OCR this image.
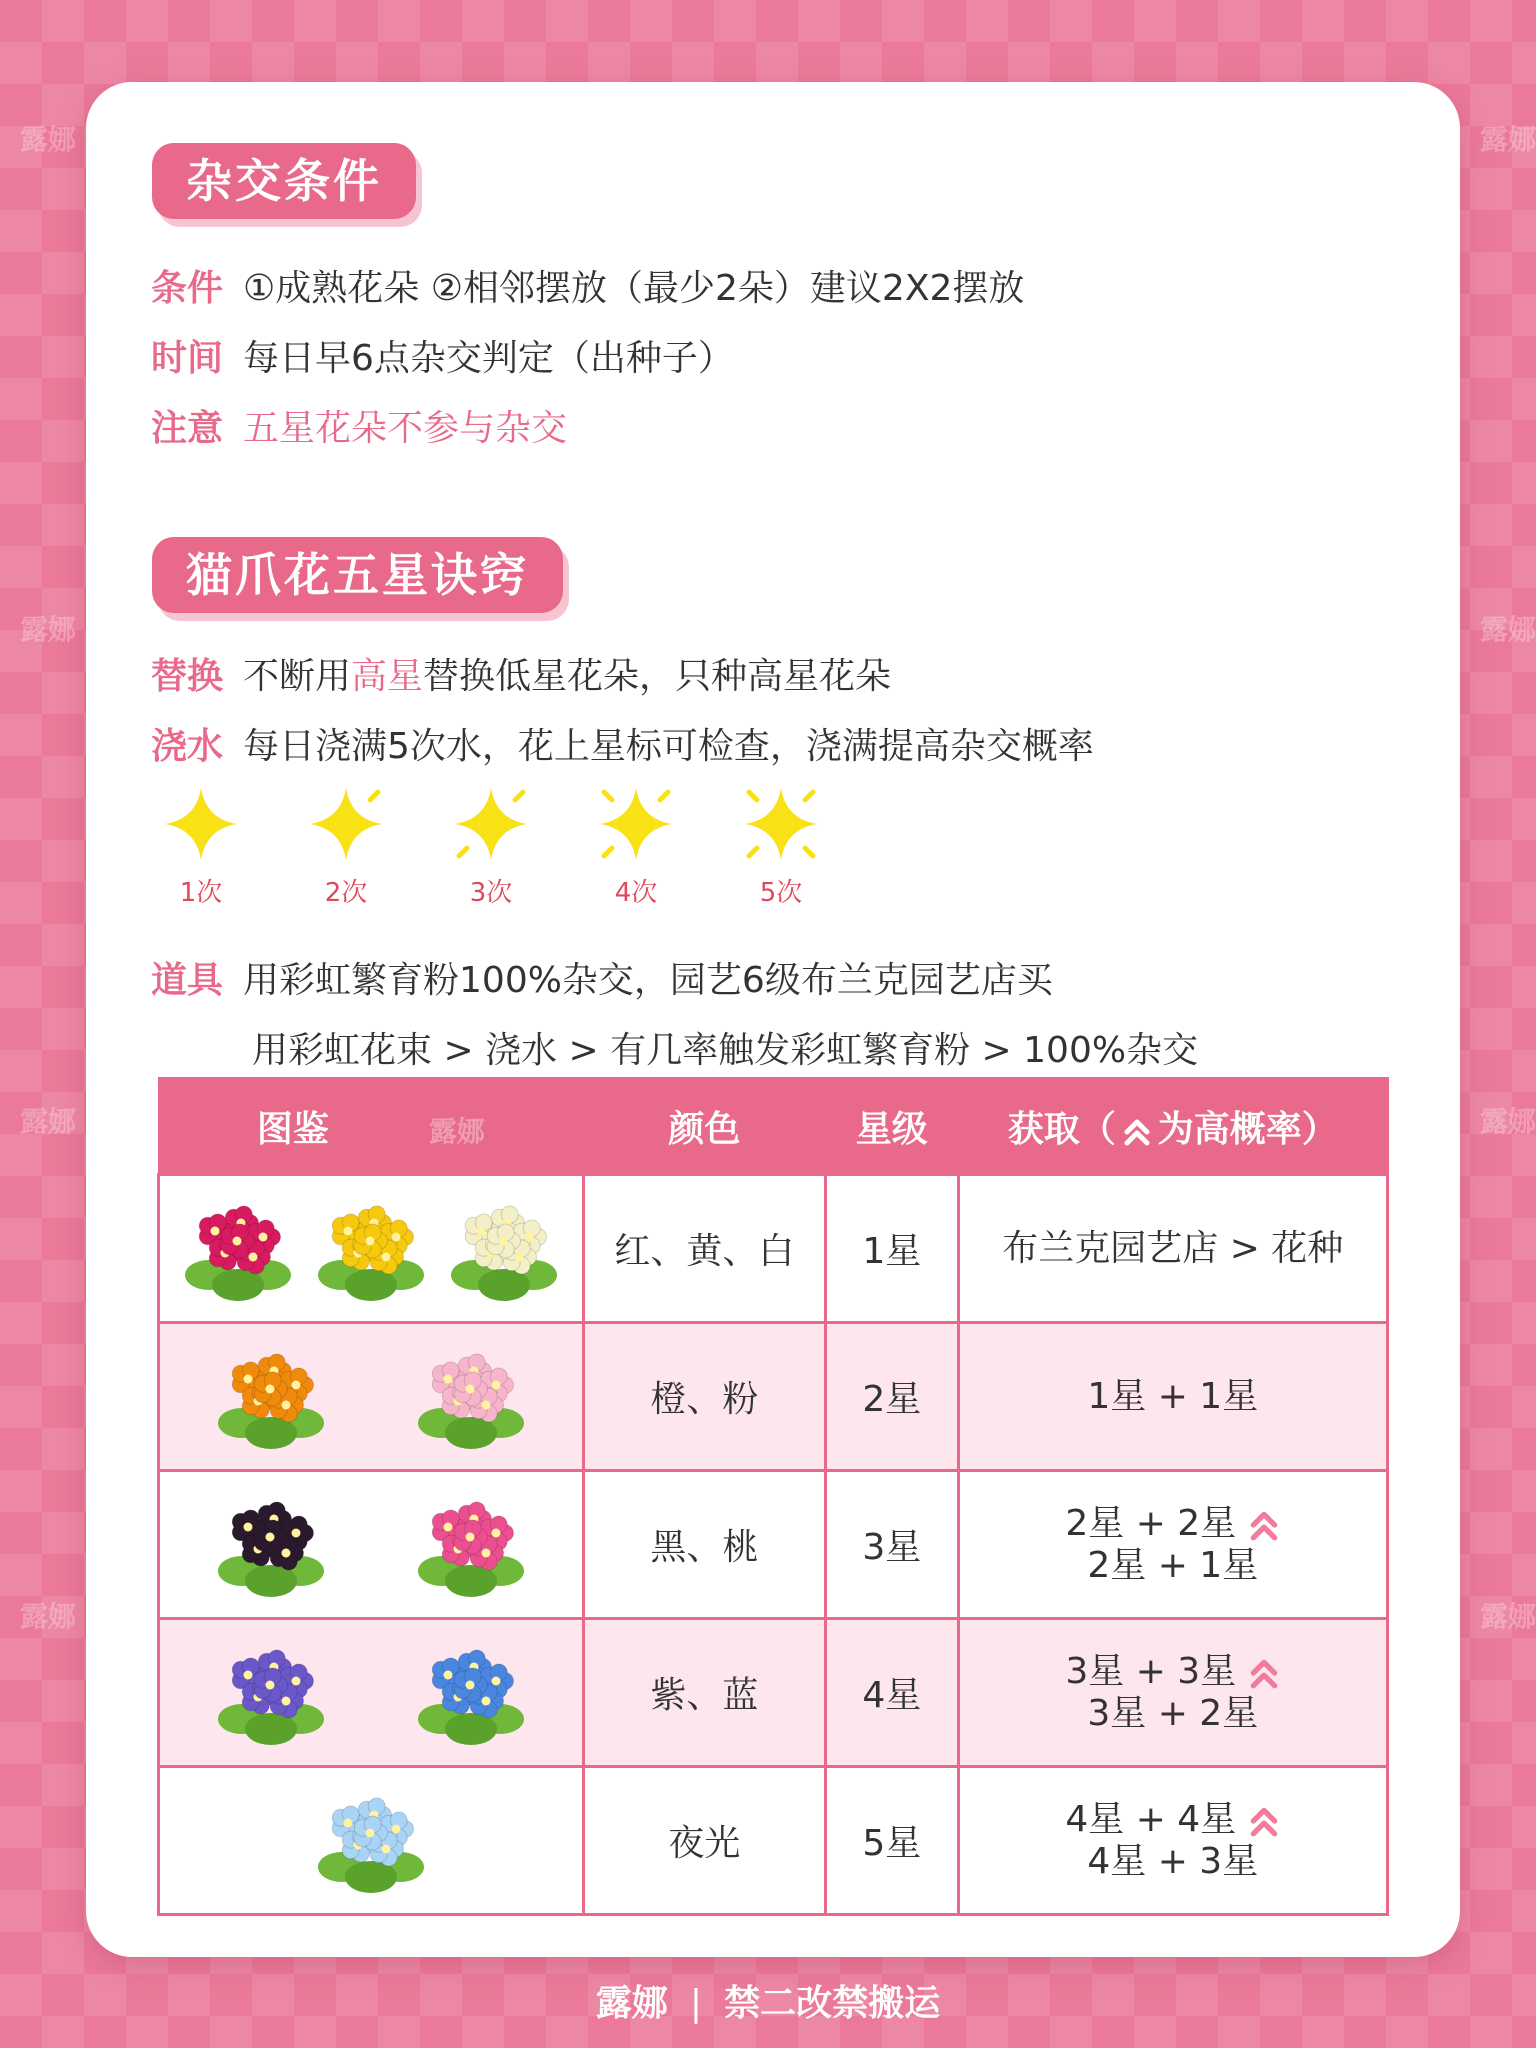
露娜	露娜
露娜	露娜
露娜	露娜
露娜	露娜
杂交条件
条件 ①成熟花朵 ②相邻摆放（最少2朵）建议2X2摆放
时间 每日早6点杂交判定（出种子）
注意 五星花朵不参与杂交
猫爪花五星诀窍
替换 不断用高星替换低星花朵，只种高星花朵
浇水 每日浇满5次水，花上星标可检查，浇满提高杂交概率
1次	2次	3次	4次	5次
道具 用彩虹繁育粉100%杂交，园艺6级布兰克园艺店买
用彩虹花束 > 浇水 > 有几率触发彩虹繁育粉 > 100%杂交
图鉴 露娜	颜色	星级	获取（ 为高概率）

	红、黄、白	1星	布兰克园艺店 > 花种

	橙、粉	2星	1星 + 1星

	黑、桃	3星	2星 + 2星
2星 + 1星

	紫、蓝	4星	3星 + 3星
3星 + 2星

	夜光	5星	4星 + 4星
4星 + 3星
露娜 | 禁二改禁搬运
